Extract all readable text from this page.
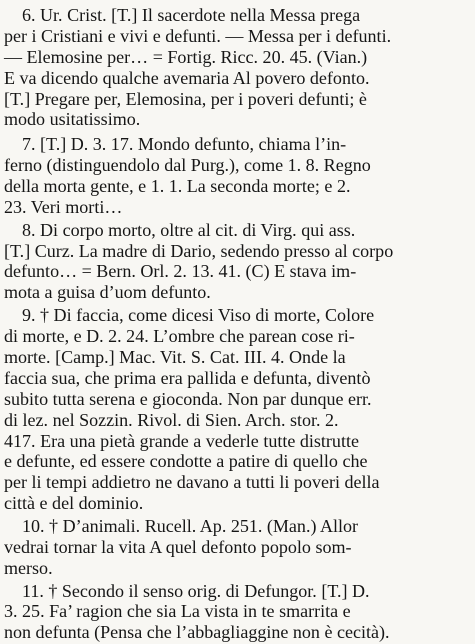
6. Ur. Crist. [T.] Il sacerdote nella Messa prega
per i Cristiani e vivi e defunti. — Messa per i defunti.
— Elemosine per… = Fortig. Ricc. 20. 45. (Vian.)
E va dicendo qualche avemaria Al povero defonto.
[T.] Pregare per, Elemosina, per i poveri defunti; è
modo usitatissimo.
7. [T.] D. 3. 17. Mondo defunto, chiama l’in-
ferno (distinguendolo dal Purg.), come 1. 8. Regno
della morta gente, e 1. 1. La seconda morte; e 2.
23. Veri morti…
8. Di corpo morto, oltre al cit. di Virg. qui ass.
[T.] Curz. La madre di Dario, sedendo presso al corpo
defunto… = Bern. Orl. 2. 13. 41. (C) E stava im-
mota a guisa d’uom defunto.
9. † Di faccia, come dicesi Viso di morte, Colore
di morte, e D. 2. 24. L’ombre che parean cose ri-
morte. [Camp.] Mac. Vit. S. Cat. III. 4. Onde la
faccia sua, che prima era pallida e defunta, diventò
subito tutta serena e gioconda. Non par dunque err.
di lez. nel Sozzin. Rivol. di Sien. Arch. stor. 2.
417. Era una pietà grande a vederle tutte distrutte
e defunte, ed essere condotte a patire di quello che
per li tempi addietro ne davano a tutti li poveri della
città e del dominio.
10. † D’animali. Rucell. Ap. 251. (Man.) Allor
vedrai tornar la vita A quel defonto popolo som-
merso.
11. † Secondo il senso orig. di Defungor. [T.] D.
3. 25. Fa’ ragion che sia La vista in te smarrita e
non defunta (Pensa che l’abbagliaggine non è cecità).
